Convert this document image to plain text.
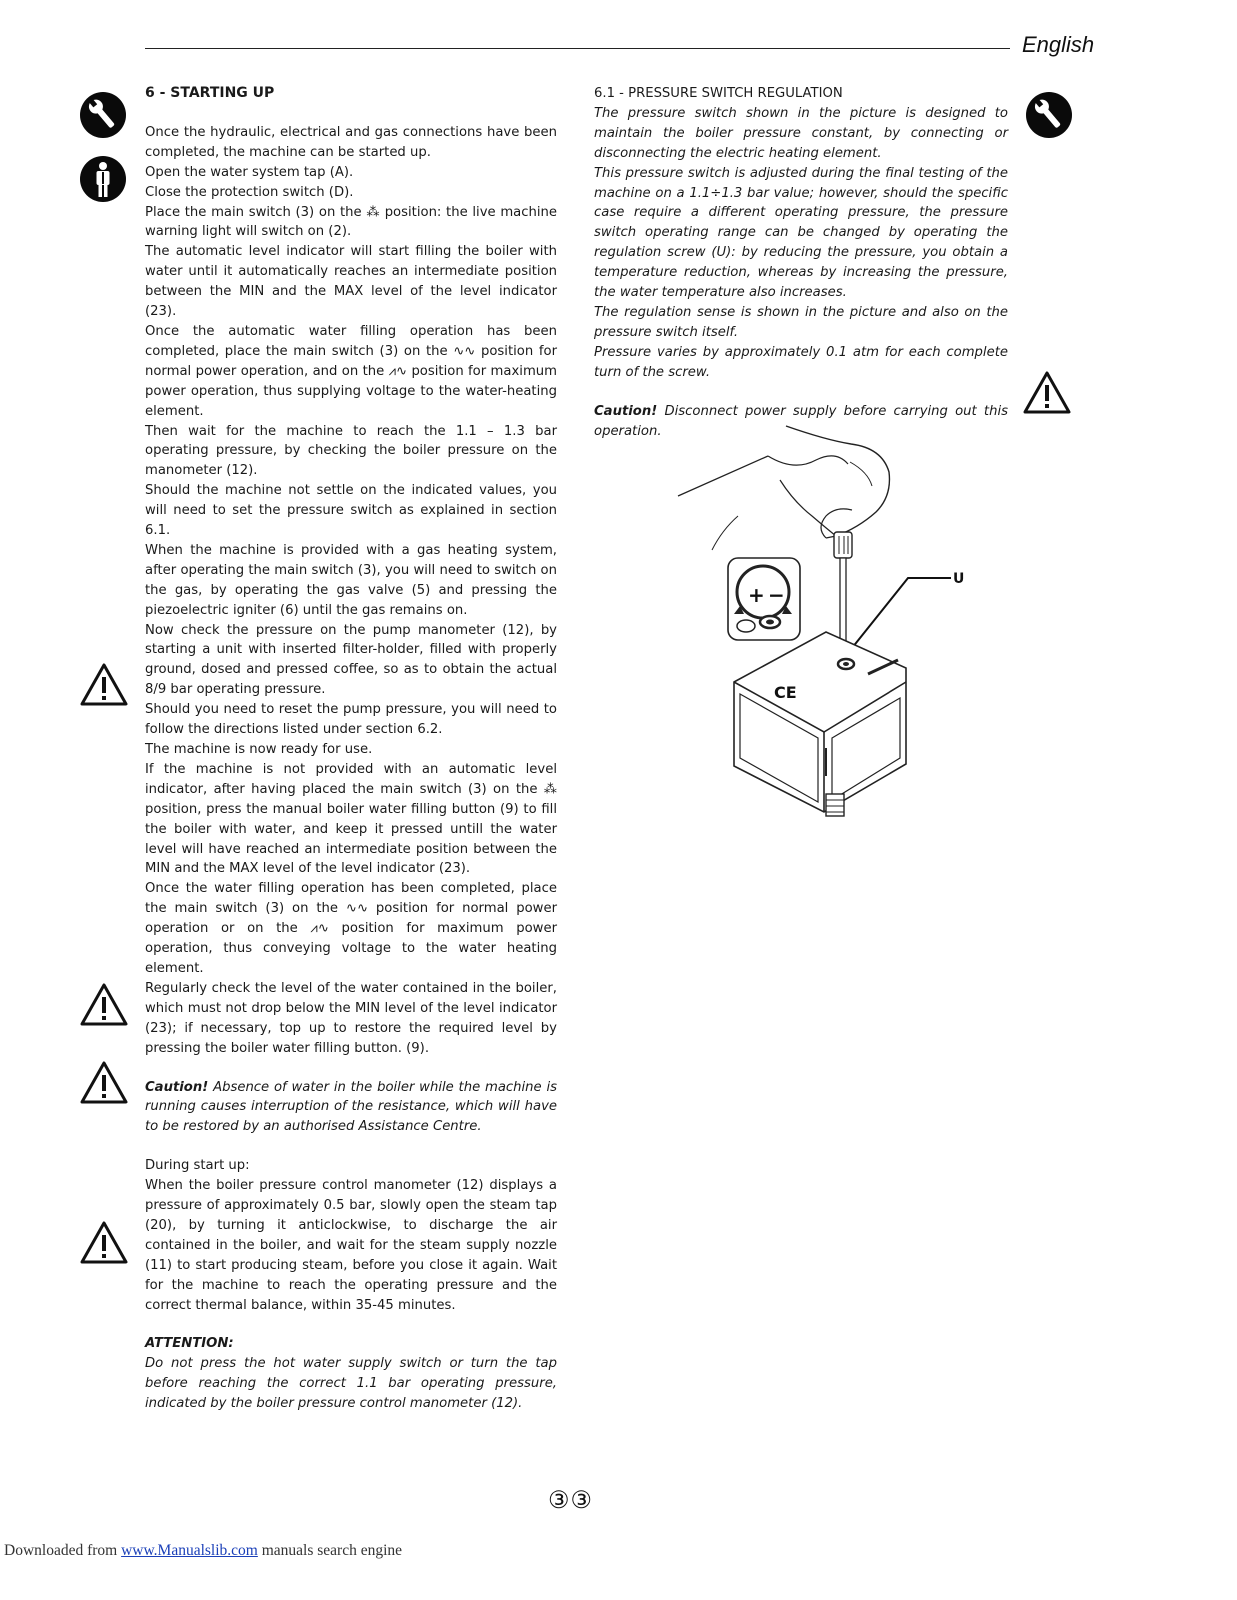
English

6 - STARTING UP

Once the hydraulic, electrical and gas connections have been completed, the machine can be started up.

Open the water system tap (A).

Close the protection switch (D).

Place the main switch (3) on the ⁂ position: the live machine warning light will switch on (2).

The automatic level indicator will start filling the boiler with water until it automatically reaches an intermediate position between the MIN and the MAX level of the level indicator (23).

Once the automatic water filling operation has been completed, place the main switch (3) on the ∿∿ position for normal power operation, and on the ⩘∿ position for maximum power operation, thus supplying voltage to the water-heating element.

Then wait for the machine to reach the 1.1 – 1.3 bar operating pressure, by checking the boiler pressure on the manometer (12).

Should the machine not settle on the indicated values, you will need to set the pressure switch as explained in section 6.1.

When the machine is provided with a gas heating system, after operating the main switch (3), you will need to switch on the gas, by operating the gas valve (5) and pressing the piezoelectric igniter (6) until the gas remains on.

Now check the pressure on the pump manometer (12), by starting a unit with inserted filter-holder, filled with properly ground, dosed and pressed coffee, so as to obtain the actual 8/9 bar operating pressure.

Should you need to reset the pump pressure, you will need to follow the directions listed under section 6.2.

The machine is now ready for use.

If the machine is not provided with an automatic level indicator, after having placed the main switch (3) on the ⁂ position, press the manual boiler water filling button (9) to fill the boiler with water, and keep it pressed untill the water level will have reached an intermediate position between the MIN and the MAX level of the level indicator (23).

Once the water filling operation has been completed, place the main switch (3) on the ∿∿ position for normal power operation or on the ⩘∿ position for maximum power operation, thus conveying voltage to the water heating element.

Regularly check the level of the water contained in the boiler, which must not drop below the MIN level of the level indicator (23); if necessary, top up to restore the required level by pressing the boiler water filling button. (9).

Caution! Absence of water in the boiler while the machine is running causes interruption of the resistance, which will have to be restored by an authorised Assistance Centre.

During start up:

When the boiler pressure control manometer (12) displays a pressure of approximately 0.5 bar, slowly open the steam tap (20), by turning it anticlockwise, to discharge the air contained in the boiler, and wait for the steam supply nozzle (11) to start producing steam, before you close it again. Wait for the machine to reach the operating pressure and the correct thermal balance, within 35-45 minutes.

ATTENTION:

Do not press the hot water supply switch or turn the tap before reaching the correct 1.1 bar operating pressure, indicated by the boiler pressure control manometer (12).

6.1 - PRESSURE SWITCH REGULATION

The pressure switch shown in the picture is designed to maintain the boiler pressure constant, by connecting or disconnecting the electric heating element.

This pressure switch is adjusted during the final testing of the machine on a 1.1÷1.3 bar value; however, should the specific case require a different operating pressure, the pressure switch operating range can be changed by operating the regulation screw (U): by reducing the pressure, you obtain a temperature reduction, whereas by increasing the pressure, the water temperature also increases.

The regulation sense is shown in the picture and also on the pressure switch itself.

Pressure varies by approximately 0.1 atm for each complete turn of the screw.

Caution! Disconnect power supply before carrying out this operation.

U
+ −
CE
③③
Downloaded from www.Manualslib.com manuals search engine
